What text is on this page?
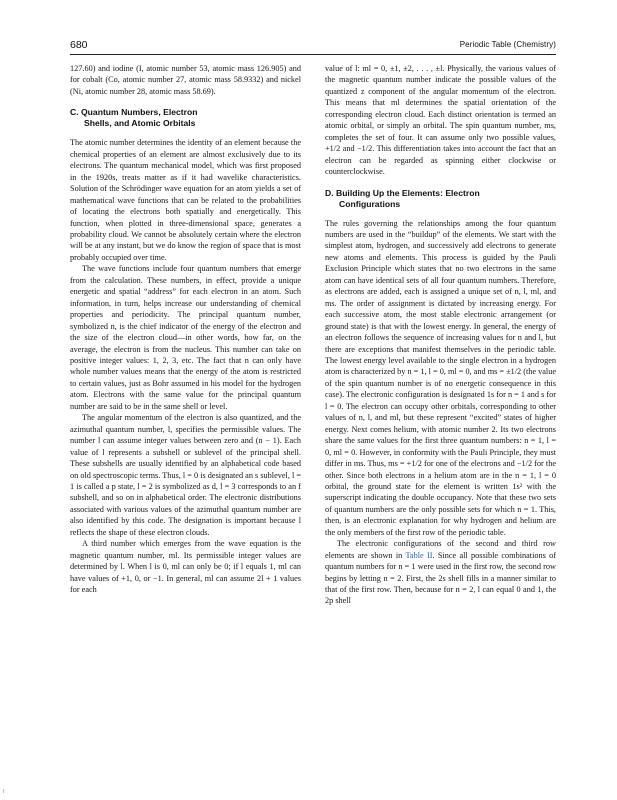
680	Periodic Table (Chemistry)

127.60) and iodine (I, atomic number 53, atomic mass 126.905) and for cobalt (Co, atomic number 27, atomic mass 58.9332) and nickel (Ni, atomic number 28, atomic mass 58.69).

C. Quantum Numbers, Electron
Shells, and Atomic Orbitals

The atomic number determines the identity of an element because the chemical properties of an element are almost exclusively due to its electrons. The quantum mechanical model, which was first proposed in the 1920s, treats matter as if it had wavelike characteristics. Solution of the Schrödinger wave equation for an atom yields a set of mathematical wave functions that can be related to the probabilities of locating the electrons both spatially and energetically. This function, when plotted in three-dimensional space, generates a probability cloud. We cannot be absolutely certain where the electron will be at any instant, but we do know the region of space that is most probably occupied over time.

The wave functions include four quantum numbers that emerge from the calculation. These numbers, in effect, provide a unique energetic and spatial “address” for each electron in an atom. Such information, in turn, helps increase our understanding of chemical properties and periodicity. The principal quantum number, symbolized n, is the chief indicator of the energy of the electron and the size of the electron cloud—in other words, how far, on the average, the electron is from the nucleus. This number can take on positive integer values: 1, 2, 3, etc. The fact that n can only have whole number values means that the energy of the atom is restricted to certain values, just as Bohr assumed in his model for the hydrogen atom. Electrons with the same value for the principal quantum number are said to be in the same shell or level.

The angular momentum of the electron is also quantized, and the azimuthal quantum number, l, specifies the permissible values. The number l can assume integer values between zero and (n − 1). Each value of l represents a subshell or sublevel of the principal shell. These subshells are usually identified by an alphabetical code based on old spectroscopic terms. Thus, l = 0 is designated an s sublevel, l = 1 is called a p state, l = 2 is symbolized as d, l = 3 corresponds to an f subshell, and so on in alphabetical order. The electronic distributions associated with various values of the azimuthal quantum number are also identified by this code. The designation is important because l reflects the shape of these electron clouds.

A third number which emerges from the wave equation is the magnetic quantum number, ml. Its permissible integer values are determined by l. When l is 0, ml can only be 0; if l equals 1, ml can have values of +1, 0, or −1. In general, ml can assume 2l + 1 values for each

value of l: ml = 0, ±1, ±2, . . . , ±l. Physically, the various values of the magnetic quantum number indicate the possible values of the quantized z component of the angular momentum of the electron. This means that ml determines the spatial orientation of the corresponding electron cloud. Each distinct orientation is termed an atomic orbital, or simply an orbital. The spin quantum number, ms, completes the set of four. It can assume only two possible values, +1/2 and −1/2. This differentiation takes into account the fact that an electron can be regarded as spinning either clockwise or counterclockwise.

D. Building Up the Elements: Electron
Configurations

The rules governing the relationships among the four quantum numbers are used in the “buildup” of the elements. We start with the simplest atom, hydrogen, and successively add electrons to generate new atoms and elements. This process is guided by the Pauli Exclusion Principle which states that no two electrons in the same atom can have identical sets of all four quantum numbers. Therefore, as electrons are added, each is assigned a unique set of n, l, ml, and ms. The order of assignment is dictated by increasing energy. For each successive atom, the most stable electronic arrangement (or ground state) is that with the lowest energy. In general, the energy of an electron follows the sequence of increasing values for n and l, but there are exceptions that manifest themselves in the periodic table. The lowest energy level available to the single electron in a hydrogen atom is characterized by n = 1, l = 0, ml = 0, and ms = ±1/2 (the value of the spin quantum number is of no energetic consequence in this case). The electronic configuration is designated 1s for n = 1 and s for l = 0. The electron can occupy other orbitals, corresponding to other values of n, l, and ml, but these represent “excited” states of higher energy. Next comes helium, with atomic number 2. Its two electrons share the same values for the first three quantum numbers: n = 1, l = 0, ml = 0. However, in conformity with the Pauli Principle, they must differ in ms. Thus, ms = +1/2 for one of the electrons and −1/2 for the other. Since both electrons in a helium atom are in the n = 1, l = 0 orbital, the ground state for the element is written 1s² with the superscript indicating the double occupancy. Note that these two sets of quantum numbers are the only possible sets for which n = 1. This, then, is an electronic explanation for why hydrogen and helium are the only members of the first row of the periodic table.

The electronic configurations of the second and third row elements are shown in Table II. Since all possible combinations of quantum numbers for n = 1 were used in the first row, the second row begins by letting n = 2. First, the 2s shell fills in a manner similar to that of the first row. Then, because for n = 2, l can equal 0 and 1, the 2p shell
